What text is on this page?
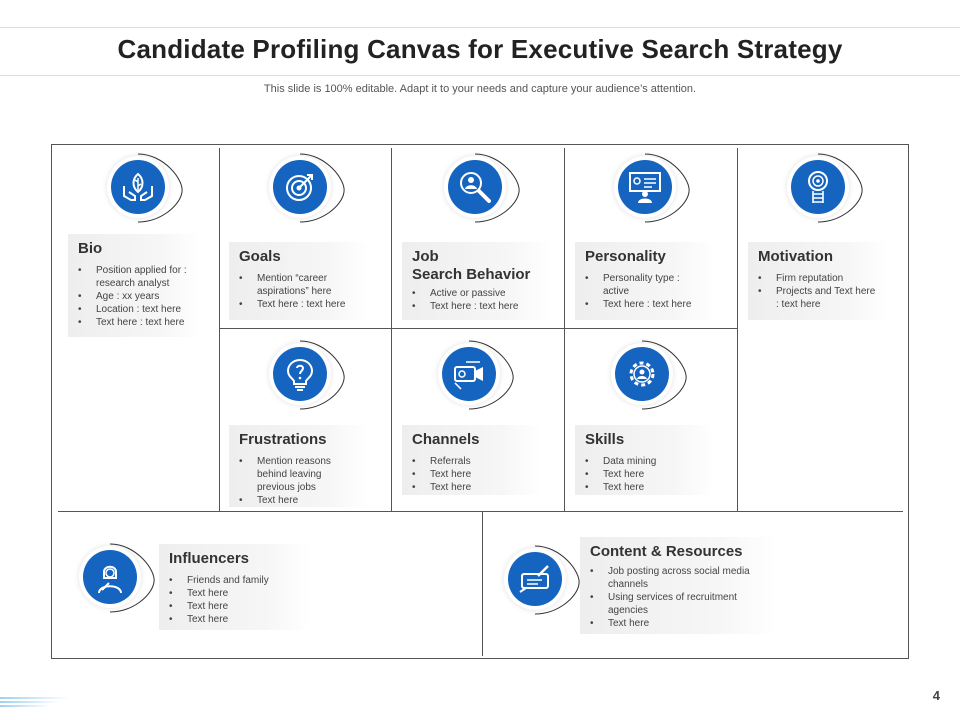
Candidate Profiling Canvas for Executive Search Strategy
This slide is 100% editable. Adapt it to your needs and capture your audience’s attention.
Bio
• Position applied for : research analyst
• Age : xx years
• Location : text here
• Text here : text here
Goals
• Mention “career aspirations” here
• Text here : text here
Job
Search Behavior
• Active or passive
• Text here : text here
Personality
• Personality type : active
• Text here : text here
Motivation
• Firm reputation
• Projects and Text here : text here
Frustrations
• Mention reasons behind leaving previous jobs
• Text here
Channels
• Referrals
• Text here
• Text here
Skills
• Data mining
• Text here
• Text here
Influencers
• Friends and family
• Text here
• Text here
• Text here
Content & Resources
• Job posting across social media channels
• Using services of recruitment agencies
• Text here
4
